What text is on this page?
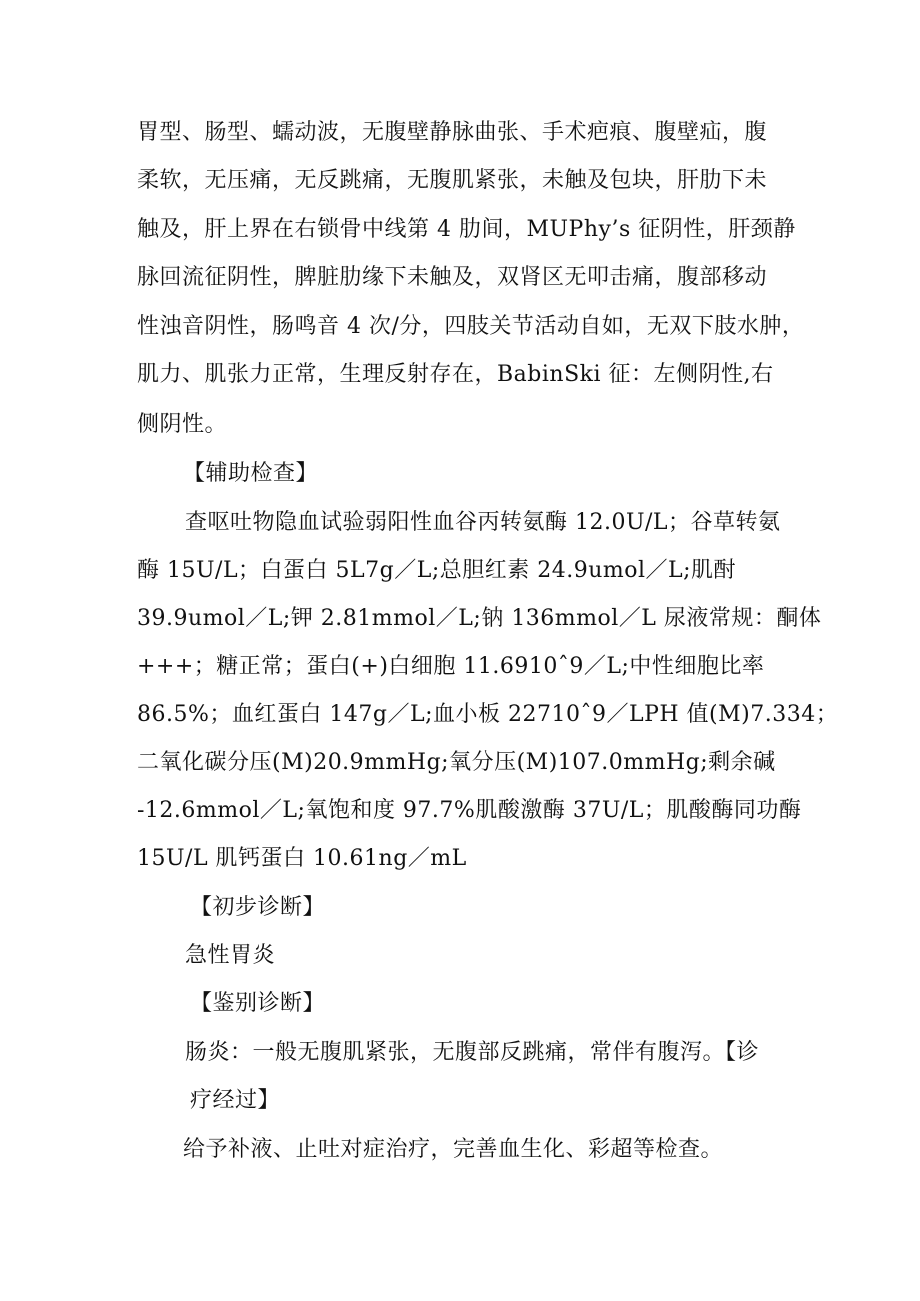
胃型、肠型、蠕动波，无腹壁静脉曲张、手术疤痕、腹壁疝，腹
柔软，无压痛，无反跳痛，无腹肌紧张，未触及包块，肝肋下未
触及，肝上界在右锁骨中线第 4 肋间，MUPhy’s 征阴性，肝颈静
脉回流征阴性，脾脏肋缘下未触及，双肾区无叩击痛，腹部移动
性浊音阴性，肠鸣音 4 次/分，四肢关节活动自如，无双下肢水肿，
肌力、肌张力正常，生理反射存在，BabinSki 征：左侧阴性,右
侧阴性。
【辅助检查】
查呕吐物隐血试验弱阳性血谷丙转氨酶 12.0U/L；谷草转氨
酶 15U/L；白蛋白 5L7g／L;总胆红素 24.9umol／L;肌酎
39.9umol／L;钾 2.81mmol／L;钠 136mmol／L 尿液常规：酮体
+++；糖正常；蛋白(+)白细胞 11.6910ˆ9／L;中性细胞比率
86.5%；血红蛋白 147g／L;血小板 22710ˆ9／LPH 值(M)7.334；
二氧化碳分压(M)20.9mmHg;氧分压(M)107.0mmHg;剩余碱
-12.6mmol／L;氧饱和度 97.7%肌酸激酶 37U/L；肌酸酶同功酶
15U/L 肌钙蛋白 10.61ng／mL
【初步诊断】
急性胃炎
【鉴别诊断】
肠炎：一般无腹肌紧张，无腹部反跳痛，常伴有腹泻。【诊
疗经过】
给予补液、止吐对症治疗，完善血生化、彩超等检查。
